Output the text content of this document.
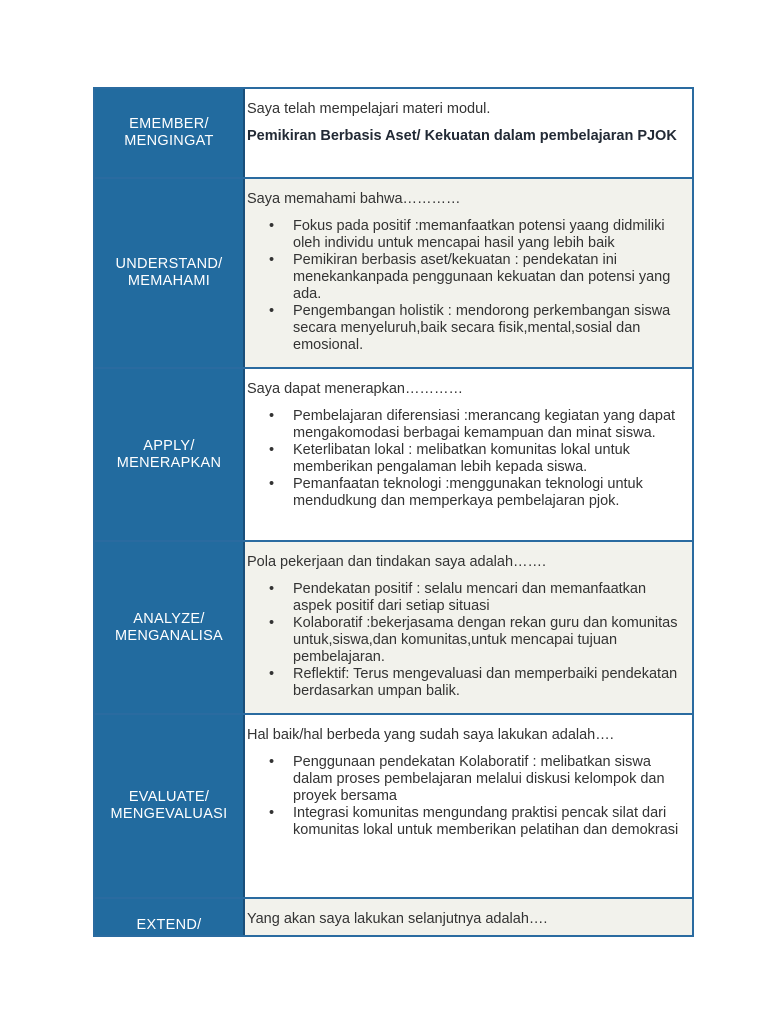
EMEMBER/
MENGINGAT

Saya telah mempelajari materi modul.

Pemikiran Berbasis Aset/ Kekuatan dalam pembelajaran PJOK

UNDERSTAND/
MEMAHAMI

Saya memahami bahwa…………

• Fokus pada positif :memanfaatkan potensi yaang didmiliki oleh individu untuk mencapai hasil yang lebih baik
• Pemikiran berbasis aset/kekuatan : pendekatan ini menekankanpada penggunaan kekuatan dan potensi yang ada.
• Pengembangan holistik : mendorong perkembangan siswa secara menyeluruh,baik secara fisik,mental,sosial dan emosional.
APPLY/
MENERAPKAN

Saya dapat menerapkan…………

• Pembelajaran diferensiasi :merancang kegiatan yang dapat mengakomodasi berbagai kemampuan dan minat siswa.
• Keterlibatan lokal : melibatkan komunitas lokal untuk memberikan pengalaman lebih kepada siswa.
• Pemanfaatan teknologi :menggunakan teknologi untuk mendudkung dan memperkaya pembelajaran pjok.
ANALYZE/
MENGANALISA

Pola pekerjaan dan tindakan saya adalah…….

• Pendekatan positif : selalu mencari dan memanfaatkan aspek positif dari setiap situasi
• Kolaboratif :bekerjasama dengan rekan guru dan komunitas untuk,siswa,dan komunitas,untuk mencapai tujuan pembelajaran.
• Reflektif: Terus mengevaluasi dan memperbaiki pendekatan berdasarkan umpan balik.
EVALUATE/
MENGEVALUASI

Hal baik/hal berbeda yang sudah saya lakukan adalah….

• Penggunaan pendekatan Kolaboratif : melibatkan siswa dalam proses pembelajaran melalui diskusi kelompok dan proyek bersama
• Integrasi komunitas mengundang praktisi pencak silat dari komunitas lokal untuk memberikan pelatihan dan demokrasi
EXTEND/	Yang akan saya lakukan selanjutnya adalah….
